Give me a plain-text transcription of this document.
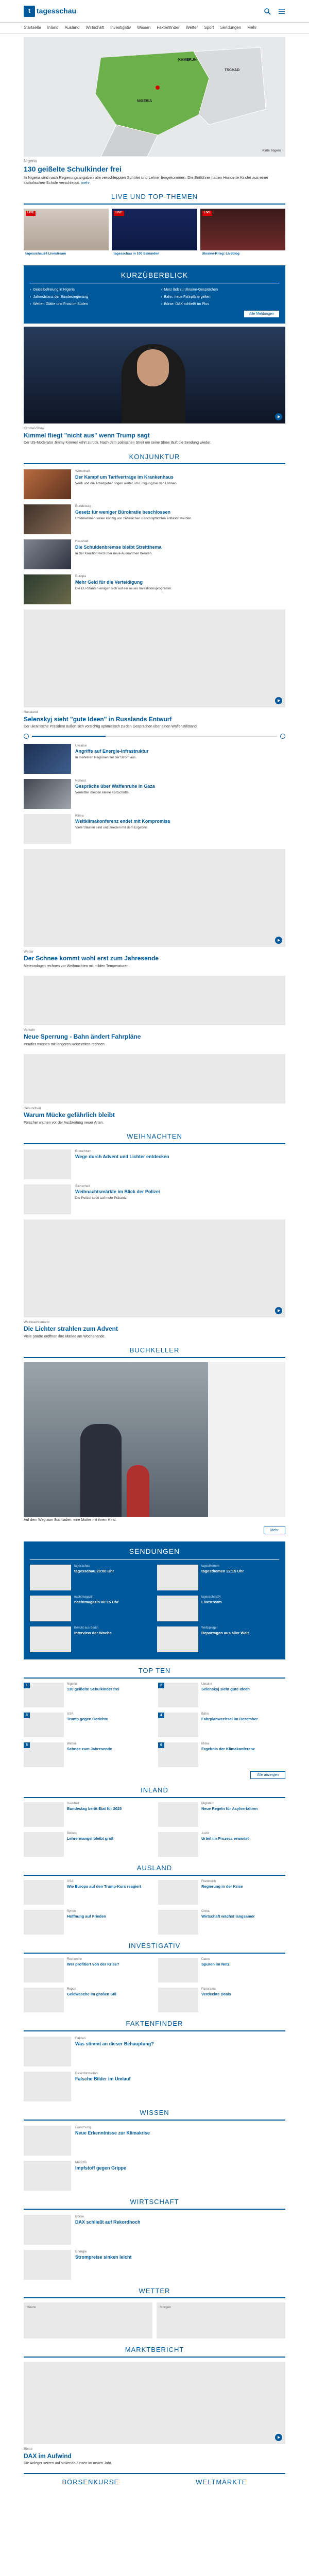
t tagesschau
Startseite Inland Ausland Wirtschaft Investigativ Wissen Faktenfinder Wetter Sport Sendungen Mehr
KAMERUN
TSCHAD
NIGERIA
Karte: Nigeria
Nigeria
130 geißelte Schulkinder frei
In Nigeria sind nach Regierungsangaben alle verschleppten Schüler und Lehrer freigekommen. Die Entführer hatten Hunderte Kinder aus einer katholischen Schule verschleppt. mehr
LIVE UND TOP-THEMEN
LIVE
tagesschau24 Livestream
LIVE
tagesschau in 100 Sekunden
LIVE
Ukraine-Krieg: Liveblog
KURZÜBERBLICK
› Geiselbefreiung in Nigeria	› Merz lädt zu Ukraine-Gesprächen
› Jahresbilanz der Bundesregierung	› Bahn: neue Fahrpläne gelten
› Wetter: Glätte und Frost im Süden	› Börse: DAX schließt im Plus
Alle Meldungen
Kimmel-Show
Kimmel fliegt "nicht aus" wenn Trump sagt
Der US-Moderator Jimmy Kimmel kehrt zurück. Nach dem politischen Streit um seine Show läuft die Sendung wieder.
KONJUNKTUR
Wirtschaft
Der Kampf um Tarifverträge im Krankenhaus
Verdi und die Arbeitgeber ringen weiter um Einigung bei den Löhnen.
Bundestag
Gesetz für weniger Bürokratie beschlossen
Unternehmen sollen künftig von zahlreichen Berichtspflichten entlastet werden.
Haushalt
Die Schuldenbremse bleibt Streitthema
In der Koalition wird über neue Ausnahmen beraten.
Europa
Mehr Geld für die Verteidigung
Die EU-Staaten einigen sich auf ein neues Investitionsprogramm.
Russland
Selenskyj sieht "gute Ideen" in Russlands Entwurf
Der ukrainische Präsident äußert sich vorsichtig optimistisch zu den Gesprächen über einen Waffenstillstand.
Ukraine
Angriffe auf Energie-Infrastruktur
In mehreren Regionen fiel der Strom aus.
Nahost
Gespräche über Waffenruhe in Gaza
Vermittler melden kleine Fortschritte.
Klima
Weltklimakonferenz endet mit Kompromiss
Viele Staaten sind unzufrieden mit dem Ergebnis.
Wetter
Der Schnee kommt wohl erst zum Jahresende
Meteorologen rechnen vor Weihnachten mit milden Temperaturen.
Verkehr
Neue Sperrung - Bahn ändert Fahrpläne
Pendler müssen mit längeren Reisezeiten rechnen.
Gesundheit
Warum Mücke gefährlich bleibt
Forscher warnen vor der Ausbreitung neuer Arten.
WEIHNACHTEN
Brauchtum
Wege durch Advent und Lichter entdecken
Sicherheit
Weihnachtsmärkte im Blick der Polizei
Die Polizei setzt auf mehr Präsenz.
Weihnachtsmarkt
Die Lichter strahlen zum Advent
Viele Städte eröffnen ihre Märkte am Wochenende.
BUCHKELLER
Auf dem Weg zum Buchladen: eine Mutter mit ihrem Kind.
Mehr
SENDUNGEN
tagesschau
tagesschau 20:00 Uhr
tagesthemen
tagesthemen 22:15 Uhr
nachtmagazin
nachtmagazin 00:15 Uhr
tagesschau24
Livestream
Bericht aus Berlin
Interview der Woche
Weltspiegel
Reportagen aus aller Welt
TOP TEN
1	Nigeria
130 geißelte Schulkinder frei
2	Ukraine
Selenskyj sieht gute Ideen
3	USA
Trump gegen Gerichte
4	Bahn
Fahrplanwechsel im Dezember
5	Wetter
Schnee zum Jahresende
6	Klima
Ergebnis der Klimakonferenz
Alle anzeigen
INLAND
Haushalt
Bundestag berät Etat für 2025
Migration
Neue Regeln für Asylverfahren
Bildung
Lehrermangel bleibt groß
Justiz
Urteil im Prozess erwartet
AUSLAND
USA
Wie Europa auf den Trump-Kurs reagiert
Frankreich
Regierung in der Krise
Syrien
Hoffnung auf Frieden
China
Wirtschaft wächst langsamer
INVESTIGATIV
Recherche
Wer profitiert von der Krise?
Daten
Spuren im Netz
Report
Geldwäsche im großen Stil
Panorama
Verdeckte Deals
FAKTENFINDER
Fakten
Was stimmt an dieser Behauptung?
Desinformation
Falsche Bilder im Umlauf
WISSEN
Forschung
Neue Erkenntnisse zur Klimakrise
Medizin
Impfstoff gegen Grippe
WIRTSCHAFT
Börse
DAX schließt auf Rekordhoch
Energie
Strompreise sinken leicht
WETTER
Heute	Morgen
MARKTBERICHT
Börse
DAX im Aufwind
Die Anleger setzen auf sinkende Zinsen im neuen Jahr.
BÖRSENKURSE	WELTMÄRKTE
